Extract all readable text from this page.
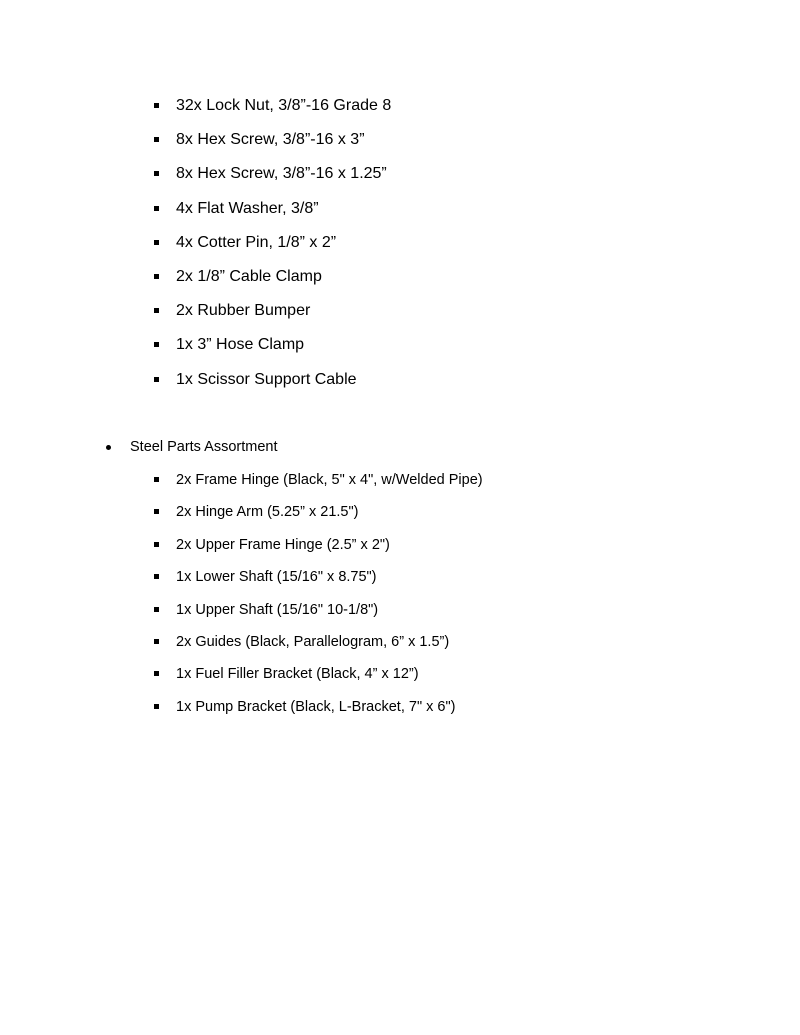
32x Lock Nut, 3/8”-16 Grade 8
8x Hex Screw, 3/8”-16 x 3”
8x Hex Screw, 3/8”-16 x 1.25”
4x Flat Washer, 3/8”
4x Cotter Pin, 1/8” x 2”
2x 1/8” Cable Clamp
2x Rubber Bumper
1x 3” Hose Clamp
1x Scissor Support Cable
Steel Parts Assortment
2x Frame Hinge (Black, 5" x 4", w/Welded Pipe)
2x Hinge Arm (5.25” x 21.5")
2x Upper Frame Hinge (2.5” x 2")
1x Lower Shaft (15/16" x 8.75")
1x Upper Shaft (15/16" 10-1/8")
2x Guides (Black, Parallelogram, 6” x 1.5”)
1x Fuel Filler Bracket (Black, 4” x 12”)
1x Pump Bracket (Black, L-Bracket, 7" x 6")
